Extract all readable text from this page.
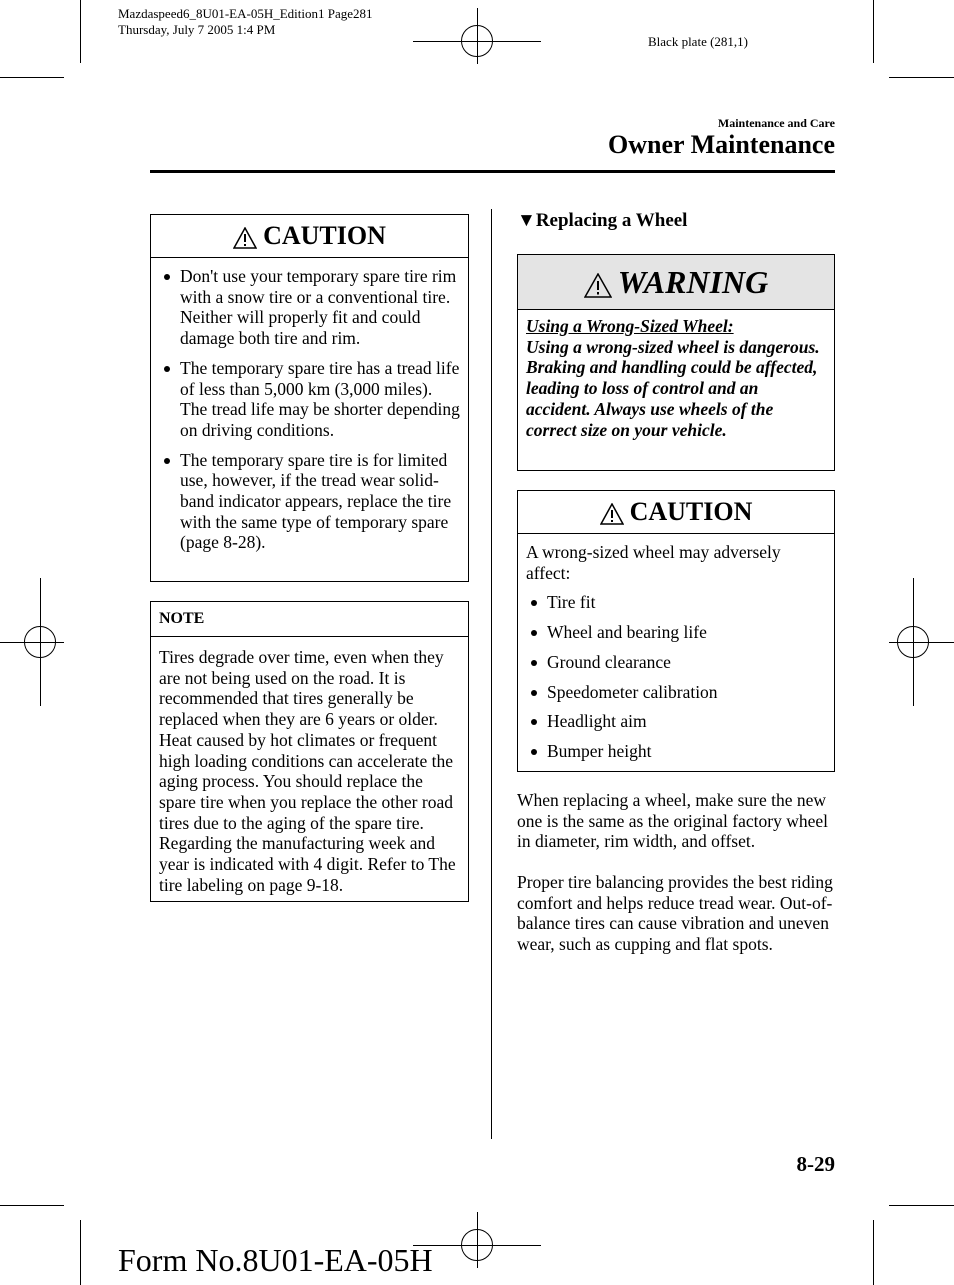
Mazdaspeed6_8U01-EA-05H_Edition1 Page281
Thursday, July 7 2005 1:4 PM
Black plate (281,1)
Maintenance and Care
Owner Maintenance
CAUTION
Don't use your temporary spare tire rim with a snow tire or a conventional tire. Neither will properly fit and could damage both tire and rim.
The temporary spare tire has a tread life of less than 5,000 km (3,000 miles). The tread life may be shorter depending on driving conditions.
The temporary spare tire is for limited use, however, if the tread wear solid-band indicator appears, replace the tire with the same type of temporary spare (page 8-28).
NOTE
Tires degrade over time, even when they are not being used on the road. It is recommended that tires generally be replaced when they are 6 years or older. Heat caused by hot climates or frequent high loading conditions can accelerate the aging process. You should replace the spare tire when you replace the other road tires due to the aging of the spare tire. Regarding the manufacturing week and year is indicated with 4 digit. Refer to The tire labeling on page 9-18.
▼Replacing a Wheel
WARNING
Using a Wrong-Sized Wheel:
Using a wrong-sized wheel is dangerous. Braking and handling could be affected, leading to loss of control and an accident. Always use wheels of the correct size on your vehicle.
CAUTION
A wrong-sized wheel may adversely affect:
Tire fit
Wheel and bearing life
Ground clearance
Speedometer calibration
Headlight aim
Bumper height
When replacing a wheel, make sure the new one is the same as the original factory wheel in diameter, rim width, and offset.
Proper tire balancing provides the best riding comfort and helps reduce tread wear. Out-of-balance tires can cause vibration and uneven wear, such as cupping and flat spots.
8-29
Form No.8U01-EA-05H
